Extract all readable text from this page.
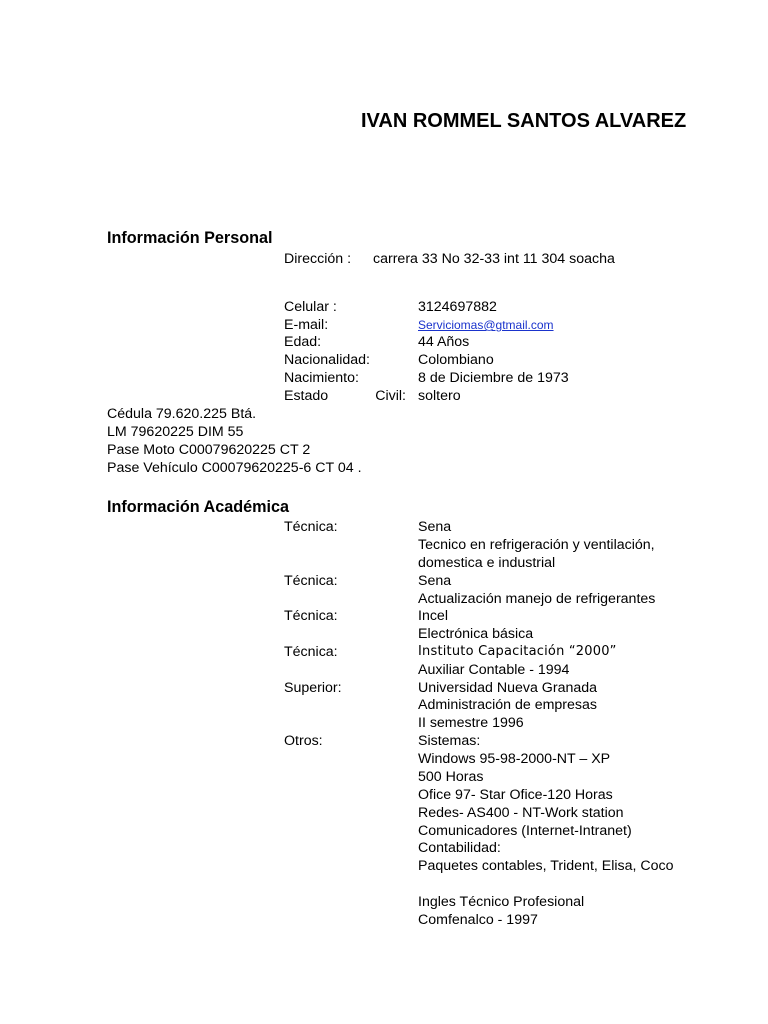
IVAN ROMMEL SANTOS ALVAREZ
Información Personal
Dirección : carrera 33 No 32-33 int 11 304 soacha
Celular :	3124697882
E-mail:	Serviciomas@gtmail.com
Edad:	44 Años
Nacionalidad:	Colombiano
Nacimiento:	8 de Diciembre de 1973
Estado	Civil: soltero
Cédula 79.620.225 Btá.
LM 79620225 DIM 55
Pase Moto C00079620225 CT 2
Pase Vehículo C00079620225-6 CT 04 .
Información Académica
Técnica:	Sena
Tecnico en refrigeración y ventilación,
domestica e industrial
Técnica:	Sena
Actualización manejo de refrigerantes
Técnica:	Incel
Electrónica básica
Técnica:	Instituto Capacitación “2000”
Auxiliar Contable - 1994
Superior:	Universidad Nueva Granada
Administración de empresas
II semestre 1996
Otros:	Sistemas:
Windows 95-98-2000-NT – XP
500 Horas
Ofice 97- Star Ofice-120 Horas
Redes- AS400 - NT-Work station
Comunicadores (Internet-Intranet)
Contabilidad:
Paquetes contables, Trident, Elisa, Coco
Ingles Técnico Profesional
Comfenalco - 1997
